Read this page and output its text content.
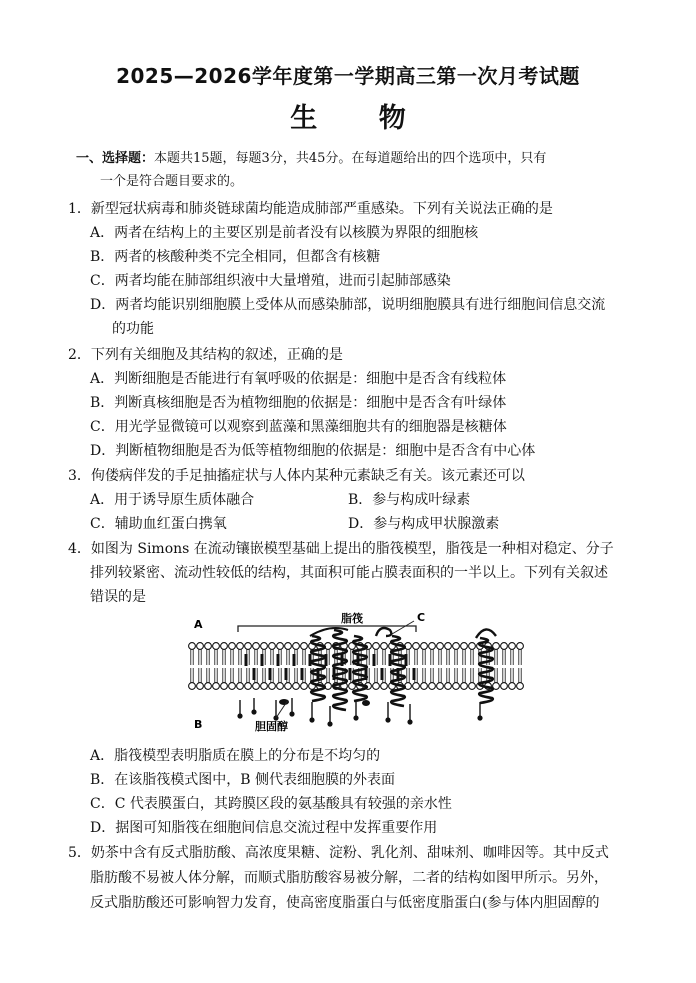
2025—2026学年度第一学期高三第一次月考试题
生 物
一、选择题：本题共15题，每题3分，共45分。在每道题给出的四个选项中，只有
一个是符合题目要求的。
1．新型冠状病毒和肺炎链球菌均能造成肺部严重感染。下列有关说法正确的是
A．两者在结构上的主要区别是前者没有以核膜为界限的细胞核
B．两者的核酸种类不完全相同，但都含有核糖
C．两者均能在肺部组织液中大量增殖，进而引起肺部感染
D．两者均能识别细胞膜上受体从而感染肺部，说明细胞膜具有进行细胞间信息交流
的功能
2．下列有关细胞及其结构的叙述，正确的是
A．判断细胞是否能进行有氧呼吸的依据是：细胞中是否含有线粒体
B．判断真核细胞是否为植物细胞的依据是：细胞中是否含有叶绿体
C．用光学显微镜可以观察到蓝藻和黑藻细胞共有的细胞器是核糖体
D．判断植物细胞是否为低等植物细胞的依据是：细胞中是否含有中心体
3．佝偻病伴发的手足抽搐症状与人体内某种元素缺乏有关。该元素还可以
A．用于诱导原生质体融合	B．参与构成叶绿素
C．辅助血红蛋白携氧	D．参与构成甲状腺激素
4．如图为 Simons 在流动镶嵌模型基础上提出的脂筏模型，脂筏是一种相对稳定、分子
排列较紧密、流动性较低的结构，其面积可能占膜表面积的一半以上。下列有关叙述
错误的是
A
B
C
脂筏
胆固醇
A．脂筏模型表明脂质在膜上的分布是不均匀的
B．在该脂筏模式图中，B 侧代表细胞膜的外表面
C．C 代表膜蛋白，其跨膜区段的氨基酸具有较强的亲水性
D．据图可知脂筏在细胞间信息交流过程中发挥重要作用
5．奶茶中含有反式脂肪酸、高浓度果糖、淀粉、乳化剂、甜味剂、咖啡因等。其中反式
脂肪酸不易被人体分解，而顺式脂肪酸容易被分解，二者的结构如图甲所示。另外，
反式脂肪酸还可影响智力发育，使高密度脂蛋白与低密度脂蛋白(参与体内胆固醇的
